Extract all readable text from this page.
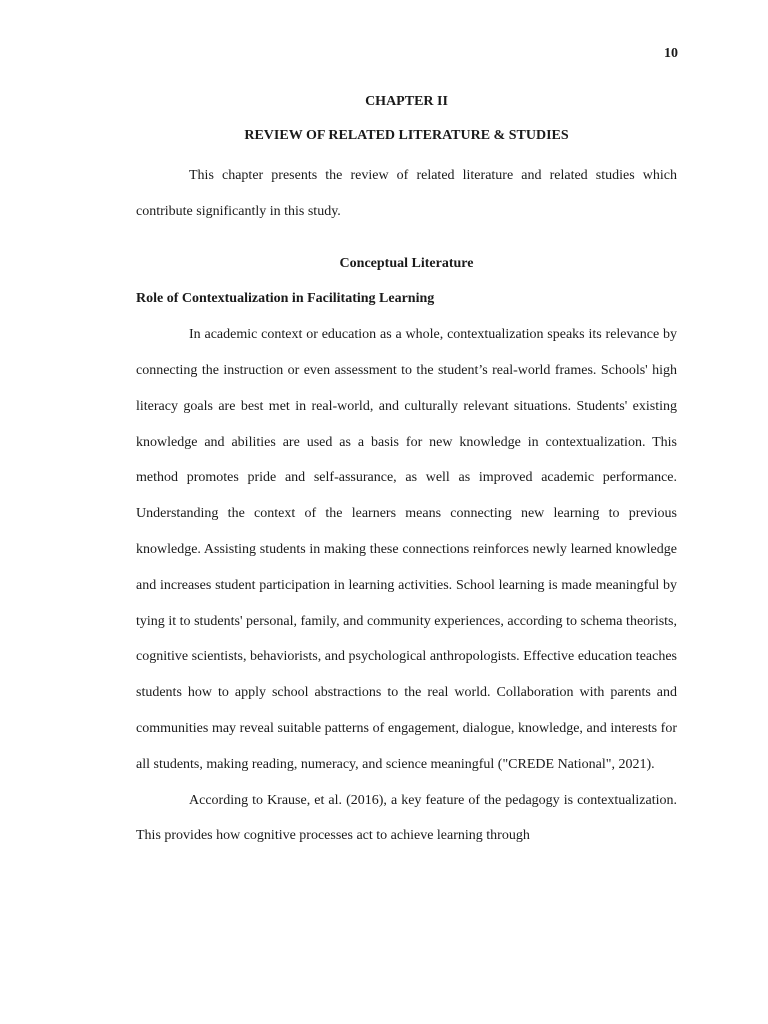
10
CHAPTER II
REVIEW OF RELATED LITERATURE & STUDIES

This chapter presents the review of related literature and related studies which contribute significantly in this study.

Conceptual Literature
Role of Contextualization in Facilitating Learning

In academic context or education as a whole, contextualization speaks its relevance by connecting the instruction or even assessment to the student’s real-world frames. Schools' high literacy goals are best met in real-world, and culturally relevant situations. Students' existing knowledge and abilities are used as a basis for new knowledge in contextualization. This method promotes pride and self-assurance, as well as improved academic performance. Understanding the context of the learners means connecting new learning to previous knowledge. Assisting students in making these connections reinforces newly learned knowledge and increases student participation in learning activities. School learning is made meaningful by tying it to students' personal, family, and community experiences, according to schema theorists, cognitive scientists, behaviorists, and psychological anthropologists. Effective education teaches students how to apply school abstractions to the real world. Collaboration with parents and communities may reveal suitable patterns of engagement, dialogue, knowledge, and interests for all students, making reading, numeracy, and science meaningful ("CREDE National", 2021).

According to Krause, et al. (2016), a key feature of the pedagogy is contextualization. This provides how cognitive processes act to achieve learning through
